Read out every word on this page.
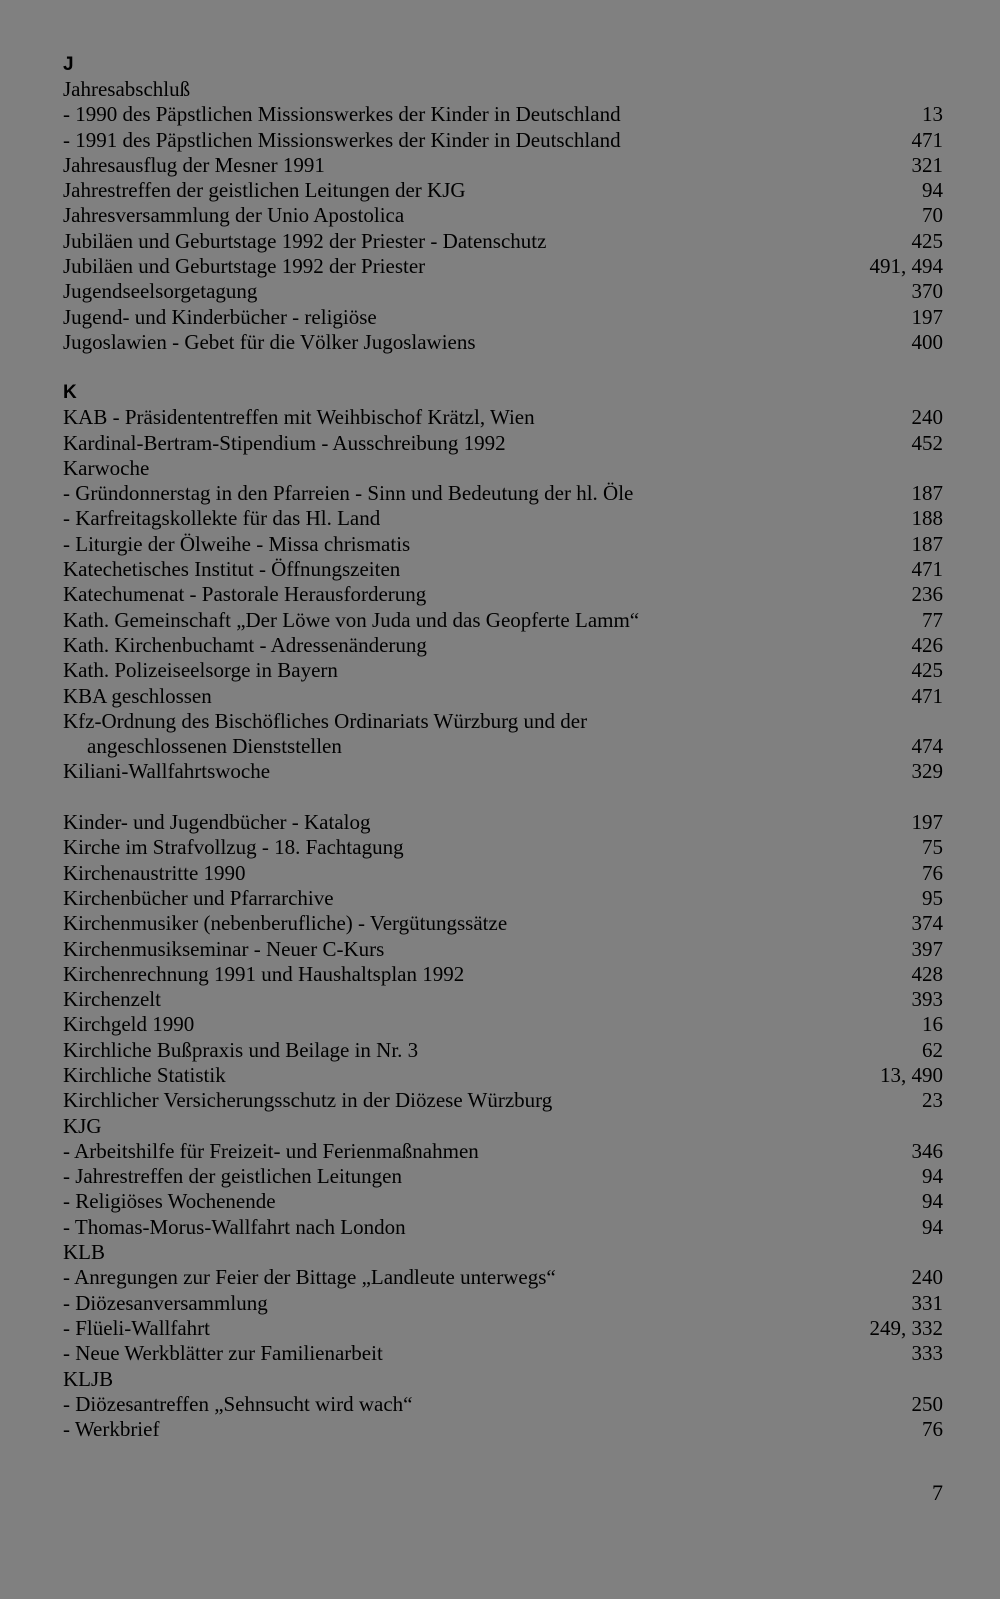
J
Jahresabschluß
- 1990 des Päpstlichen Missionswerkes der Kinder in Deutschland	13
- 1991 des Päpstlichen Missionswerkes der Kinder in Deutschland	471
Jahresausflug der Mesner 1991	321
Jahrestreffen der geistlichen Leitungen der KJG	94
Jahresversammlung der Unio Apostolica	70
Jubiläen und Geburtstage 1992 der Priester - Datenschutz	425
Jubiläen und Geburtstage 1992 der Priester	491, 494
Jugendseelsorgetagung	370
Jugend- und Kinderbücher - religiöse	197
Jugoslawien - Gebet für die Völker Jugoslawiens	400
K
KAB - Präsidententreffen mit Weihbischof Krätzl, Wien	240
Kardinal-Bertram-Stipendium - Ausschreibung 1992	452
Karwoche
- Gründonnerstag in den Pfarreien - Sinn und Bedeutung der hl. Öle	187
- Karfreitagskollekte für das Hl. Land	188
- Liturgie der Ölweihe - Missa chrismatis	187
Katechetisches Institut - Öffnungszeiten	471
Katechumenat - Pastorale Herausforderung	236
Kath. Gemeinschaft „Der Löwe von Juda und das Geopferte Lamm“	77
Kath. Kirchenbuchamt - Adressenänderung	426
Kath. Polizeiseelsorge in Bayern	425
KBA geschlossen	471
Kfz-Ordnung des Bischöfliches Ordinariats Würzburg und der
angeschlossenen Dienststellen	474
Kiliani-Wallfahrtswoche	329
Kinder- und Jugendbücher - Katalog	197
Kirche im Strafvollzug - 18. Fachtagung	75
Kirchenaustritte 1990	76
Kirchenbücher und Pfarrarchive	95
Kirchenmusiker (nebenberufliche) - Vergütungssätze	374
Kirchenmusikseminar - Neuer C-Kurs	397
Kirchenrechnung 1991 und Haushaltsplan 1992	428
Kirchenzelt	393
Kirchgeld 1990	16
Kirchliche Bußpraxis und Beilage in Nr. 3	62
Kirchliche Statistik	13, 490
Kirchlicher Versicherungsschutz in der Diözese Würzburg	23
KJG
- Arbeitshilfe für Freizeit- und Ferienmaßnahmen	346
- Jahrestreffen der geistlichen Leitungen	94
- Religiöses Wochenende	94
- Thomas-Morus-Wallfahrt nach London	94
KLB
- Anregungen zur Feier der Bittage „Landleute unterwegs“	240
- Diözesanversammlung	331
- Flüeli-Wallfahrt	249, 332
- Neue Werkblätter zur Familienarbeit	333
KLJB
- Diözesantreffen „Sehnsucht wird wach“	250
- Werkbrief	76
7
